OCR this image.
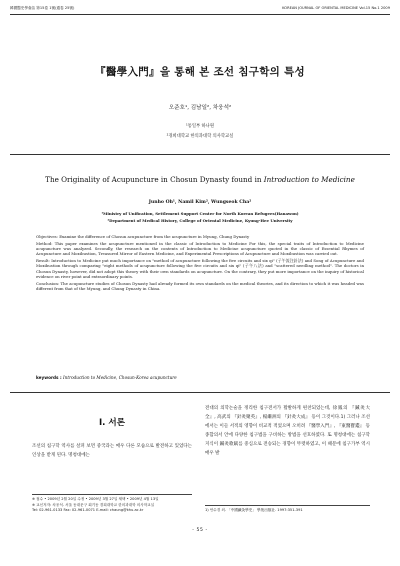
韓國醫史學會誌 第15卷 1號(通卷 25號)	KOREAN JOURNAL OF ORIENTAL MEDICINE Vol.15 No.1 2009
『醫學入門』을 통해 본 조선 침구학의 특성
오준호¹, 김남일², 차웅석²
¹통일부 하나원
²경희대학교 한의과대학 의사학교실
The Originality of Acupuncture in Chosun Dynasty found in Introduction to Medicine
Junho Oh¹, Namil Kim², Wungseok Cha²
¹Ministry of Unification, Settlement Support Center for North Korean Refugees(Hanawon)
²Department of Medical History, College of Oriental Medicine, Kyung-Hee University

Objectives: Examine the difference of Chosun acupuncture from the acupuncture in Myung, Chung Dynasty

Method: This paper examines the acupuncture mentioned in the classic of Introduction to Medicine For this, the special traits of Introduction to Medicine acupuncture was analyzed. Secondly, the research on the contents of Introduction to Medicine acupuncture quoted in the classic of Essential Rhymes of Acupuncture and Moxibustion, Treasured Mirror of Eastern Medicine, and Experimental Prescriptions of Acupuncture and Moxibustion was carried out.

Result: Introduction to Medicine put much importance on "method of acupuncture following the five circuits and six qi" (子午流注針法) and Song of Acupuncture and Moxibustion through comparing "eight methods of acupuncture following the five circuits and six qi" (子午八法) and "scattered needling method". The doctors in Chosun Dynasty, however, did not adopt this theory with their own standards on acupuncture. On the contrary, they put more importance on the inquiry of historical evidence on river point and extraordinary points.

Conclusion: The acupuncture studies of Chosun Dynasty had already formed its own standards on the medical theories, and its direction to which it was headed was different from that of the Myung, and Chung Dynasty in China.

keywords : Introduction to Medicine, Chosun-Korea acupuncture
Ⅰ. 서론
조선의 침구학 역사를 살펴 보면 중국과는 매우 다른 모습으로 발전하고 있었다는 인상을 받게 된다. 명청대에는
전대의 의학논술을 정리한 침구전서가 활발하게 편찬되었는데, 徐鳳의 『鍼灸大全』, 高武의 『針灸聚英』, 楊繼洲의 『針灸大成』 등이 그것이다.1) 그러나 조선에서는 이들 서적의 영향이 비교적 적었으며 오히려 『醫學入門』, 『東醫寶鑑』 등 종합의서 안에 다양한 침구법을 구비하는 방법을 선호하였다. 또 명청대에는 침구학 지식이 鍼灸歌賦를 중심으로 전승되는 경향이 뚜렷하였고, 이 때문에 침구가부 역시 매우 발
※ 접수 • 2009년 2월 20일 수정 • 2009년 3월 27일 채택 • 2009년 4월 13일
※ 교신저자: 차웅석. 서울 동대문구 회기동 경희대학교 한의과대학 의사학교실
Tel: 02-961-0133 Fax: 02-961-0071 E-mail: chaung@khu.ac.kr	1) 안수경 외. 「中國鍼灸學史」 學苑出版社. 1997:351-391
- 55 -
